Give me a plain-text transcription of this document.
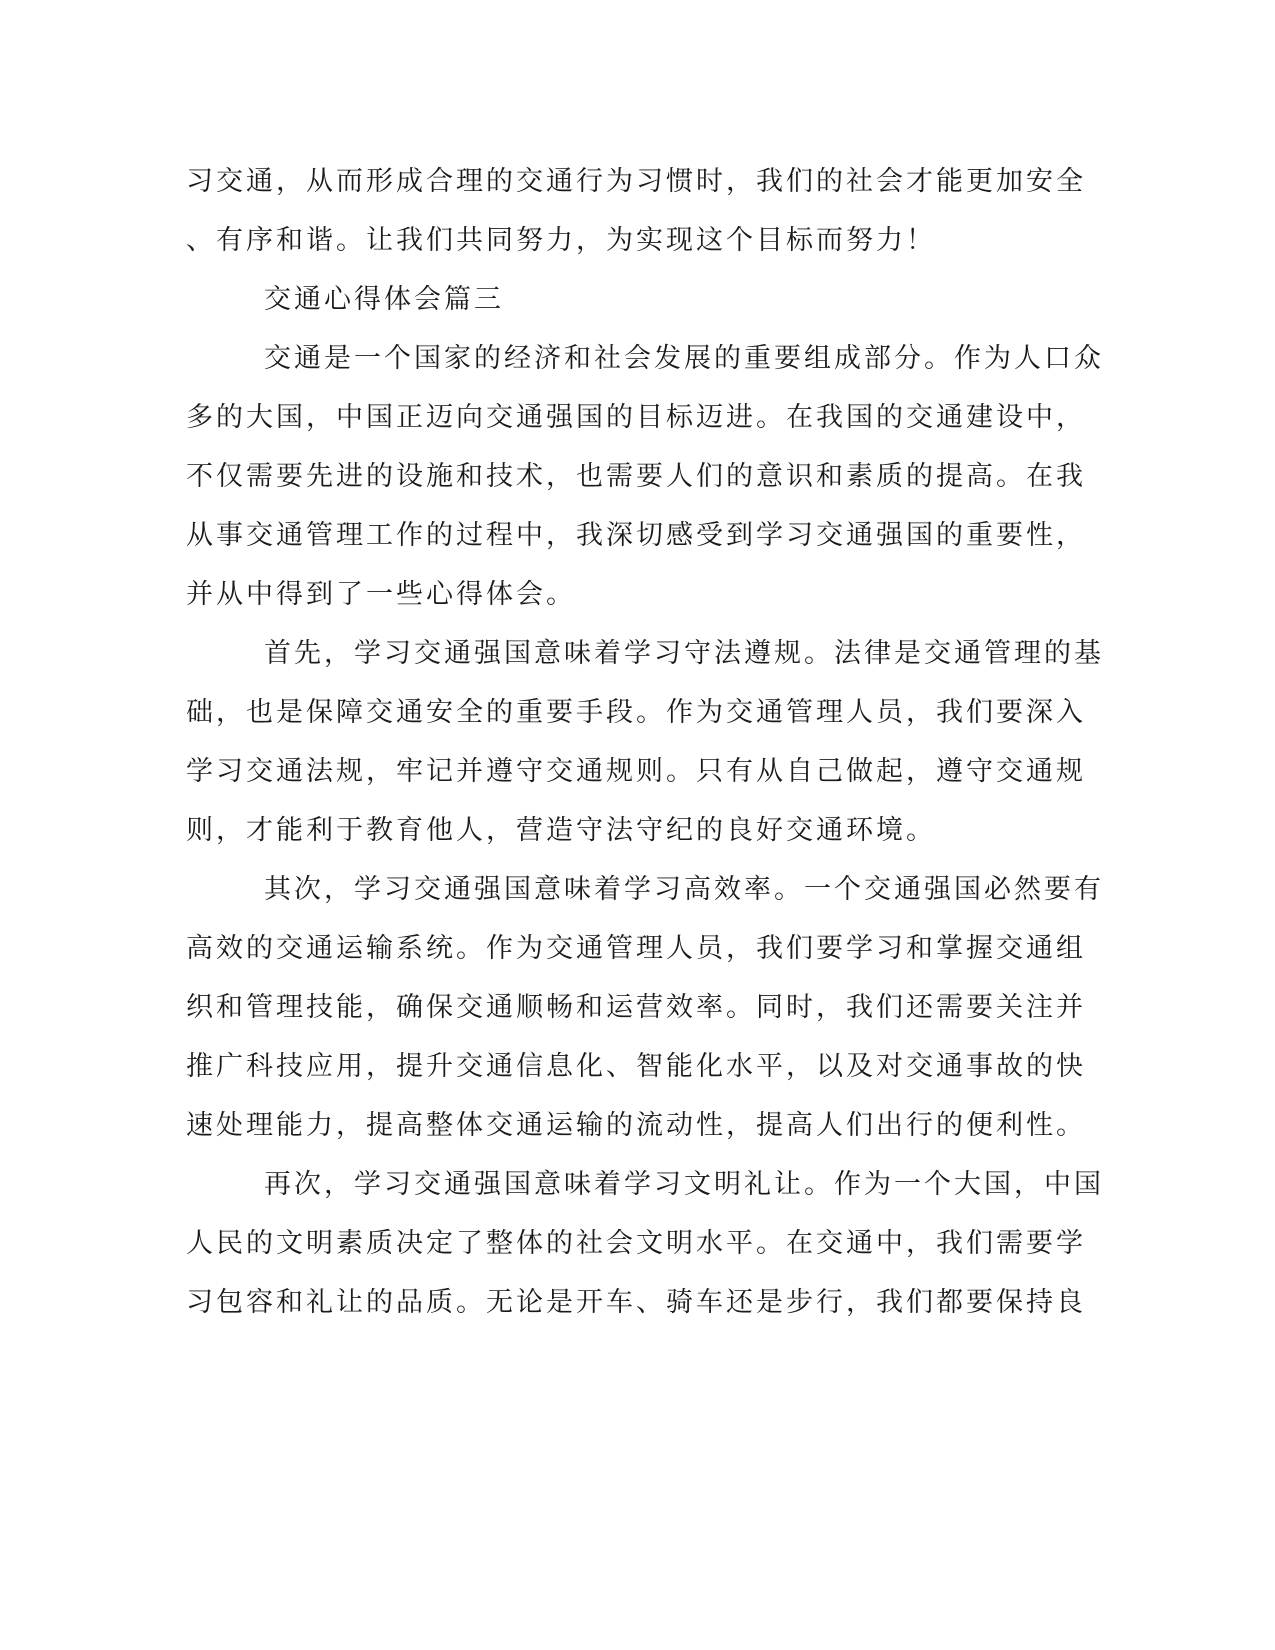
习交通，从而形成合理的交通行为习惯时，我们的社会才能更加安全
、有序和谐。让我们共同努力，为实现这个目标而努力！
交通心得体会篇三
交通是一个国家的经济和社会发展的重要组成部分。作为人口众
多的大国，中国正迈向交通强国的目标迈进。在我国的交通建设中，
不仅需要先进的设施和技术，也需要人们的意识和素质的提高。在我
从事交通管理工作的过程中，我深切感受到学习交通强国的重要性，
并从中得到了一些心得体会。
首先，学习交通强国意味着学习守法遵规。法律是交通管理的基
础，也是保障交通安全的重要手段。作为交通管理人员，我们要深入
学习交通法规，牢记并遵守交通规则。只有从自己做起，遵守交通规
则，才能利于教育他人，营造守法守纪的良好交通环境。
其次，学习交通强国意味着学习高效率。一个交通强国必然要有
高效的交通运输系统。作为交通管理人员，我们要学习和掌握交通组
织和管理技能，确保交通顺畅和运营效率。同时，我们还需要关注并
推广科技应用，提升交通信息化、智能化水平，以及对交通事故的快
速处理能力，提高整体交通运输的流动性，提高人们出行的便利性。
再次，学习交通强国意味着学习文明礼让。作为一个大国，中国
人民的文明素质决定了整体的社会文明水平。在交通中，我们需要学
习包容和礼让的品质。无论是开车、骑车还是步行，我们都要保持良
